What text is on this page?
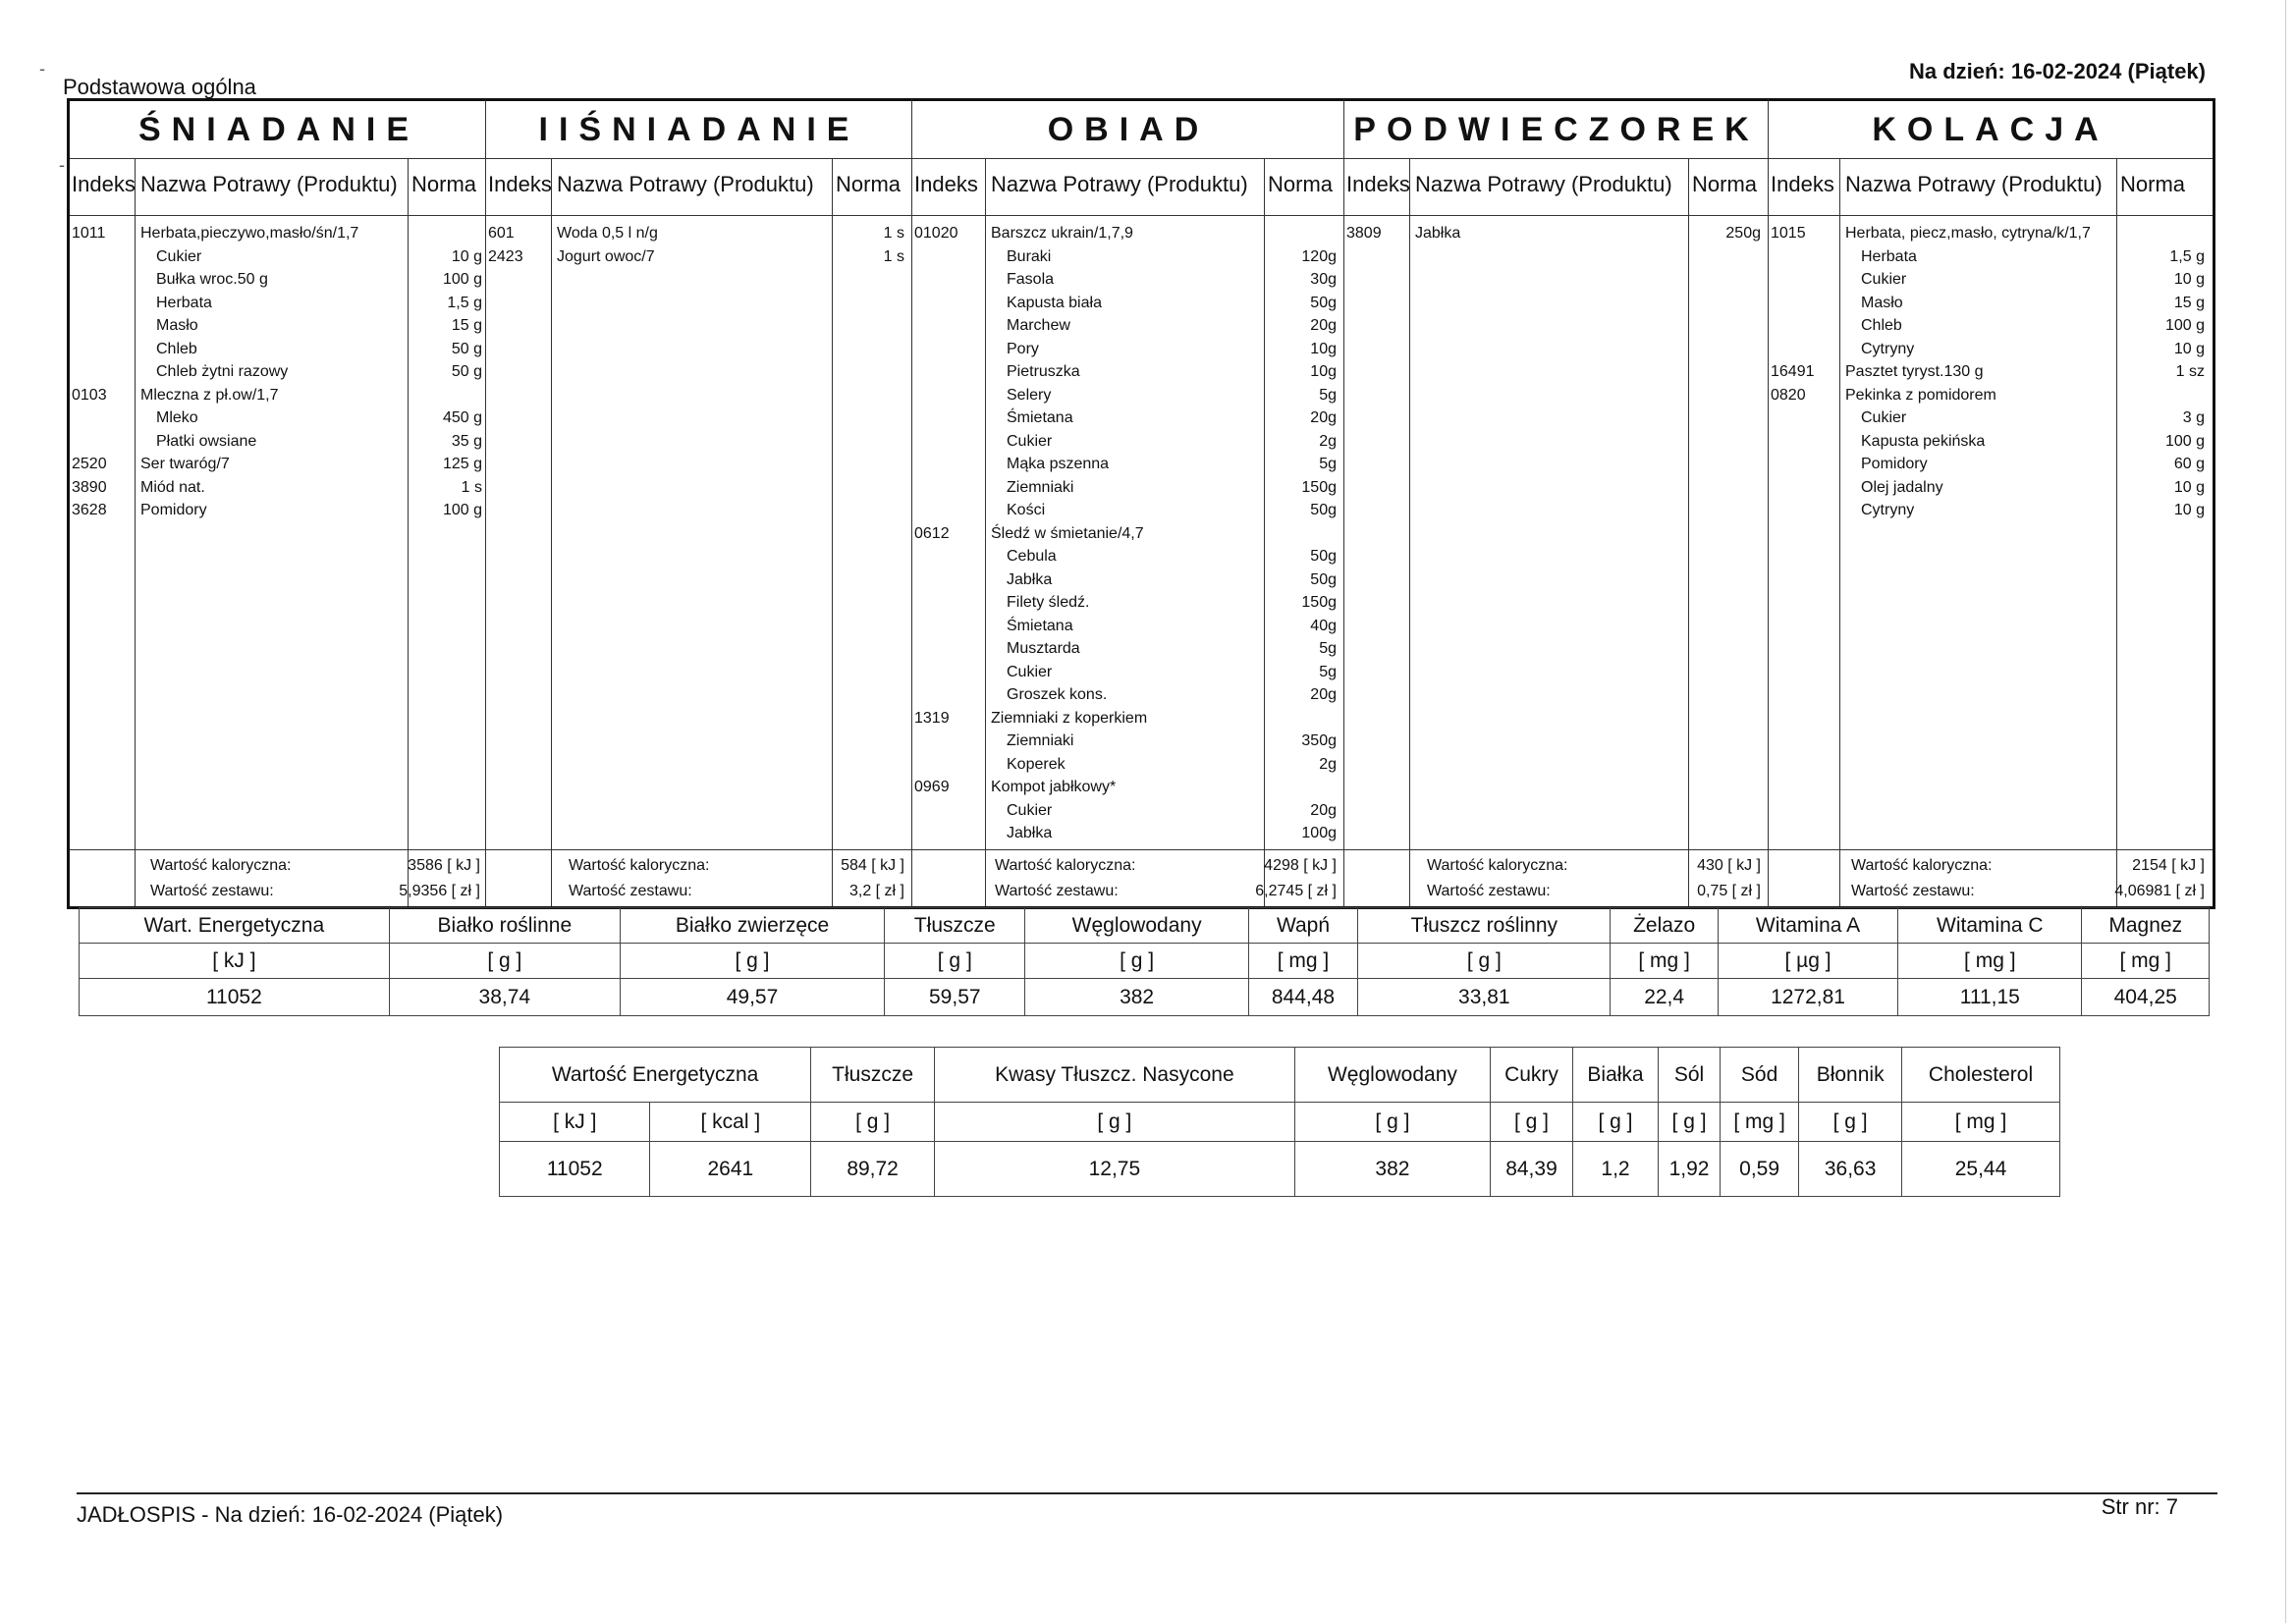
-
-
Podstawowa ogólna
Na dzień: 16-02-2024 (Piątek)
ŚNIADANIE
Indeks Nazwa Potrawy (Produktu) Norma
1011 Herbata,pieczywo,masło/śn/1,7
Cukier	10 g
Bułka wroc.50 g	100 g
Herbata	1,5 g
Masło	15 g
Chleb	50 g
Chleb żytni razowy	50 g
0103 Mleczna z pł.ow/1,7
Mleko	450 g
Płatki owsiane	35 g
2520 Ser twaróg/7	125 g
3890 Miód nat.	1 s
3628 Pomidory	100 g
Wartość kaloryczna:	3586 [ kJ ]
Wartość zestawu:	5,9356 [ zł ]
IIŚNIADANIE
Indeks Nazwa Potrawy (Produktu) Norma
601	Woda 0,5 l n/g	1 s
2423 Jogurt owoc/7	1 s
Wartość kaloryczna:	584 [ kJ ]
Wartość zestawu:	3,2 [ zł ]
OBIAD
Indeks Nazwa Potrawy (Produktu) Norma
01020 Barszcz ukrain/1,7,9
Buraki	120g
Fasola	30g
Kapusta biała	50g
Marchew	20g
Pory	10g
Pietruszka	10g
Selery	5g
Śmietana	20g
Cukier	2g
Mąka pszenna	5g
Ziemniaki	150g
Kości	50g
0612	Śledź w śmietanie/4,7
Cebula	50g
Jabłka	50g
Filety śledź.	150g
Śmietana	40g
Musztarda	5g
Cukier	5g
Groszek kons.	20g
1319	Ziemniaki z koperkiem
Ziemniaki	350g
Koperek	2g
0969	Kompot jabłkowy*
Cukier	20g
Jabłka	100g
Wartość kaloryczna:	4298 [ kJ ]
Wartość zestawu:	6,2745 [ zł ]
PODWIECZOREK
Indeks Nazwa Potrawy (Produktu) Norma
3809 Jabłka	250g
Wartość kaloryczna:	430 [ kJ ]
Wartość zestawu:	0,75 [ zł ]
KOLACJA
Indeks Nazwa Potrawy (Produktu) Norma
1015	Herbata, piecz,masło, cytryna/k/1,7
Herbata	1,5 g
Cukier	10 g
Masło	15 g
Chleb	100 g
Cytryny	10 g
16491 Pasztet tyryst.130 g	1 sz
0820	Pekinka z pomidorem
Cukier	3 g
Kapusta pekińska	100 g
Pomidory	60 g
Olej jadalny	10 g
Cytryny	10 g
Wartość kaloryczna:	2154 [ kJ ]
Wartość zestawu:	4,06981 [ zł ]
Wart. Energetyczna	Białko roślinne	Białko zwierzęce	Tłuszcze	Węglowodany	Wapń	Tłuszcz roślinny	Żelazo	Witamina A	Witamina C	Magnez
[ kJ ]	[ g ]	[ g ]	[ g ]	[ g ]	[ mg ]	[ g ]	[ mg ]	[ µg ]	[ mg ]	[ mg ]
11052	38,74	49,57	59,57	382	844,48	33,81	22,4	1272,81	111,15	404,25
Wartość Energetyczna		Tłuszcze	Kwasy Tłuszcz. Nasycone	Węglowodany	Cukry	Białka	Sól	Sód	Błonnik	Cholesterol
[ kJ ]	[ kcal ]	[ g ]	[ g ]	[ g ]	[ g ]	[ g ]	[ g ]	[ mg ]	[ g ]	[ mg ]
11052	2641	89,72	12,75	382	84,39	1,2	1,92	0,59	36,63	25,44
JADŁOSPIS - Na dzień: 16-02-2024 (Piątek)	Str nr: 7
